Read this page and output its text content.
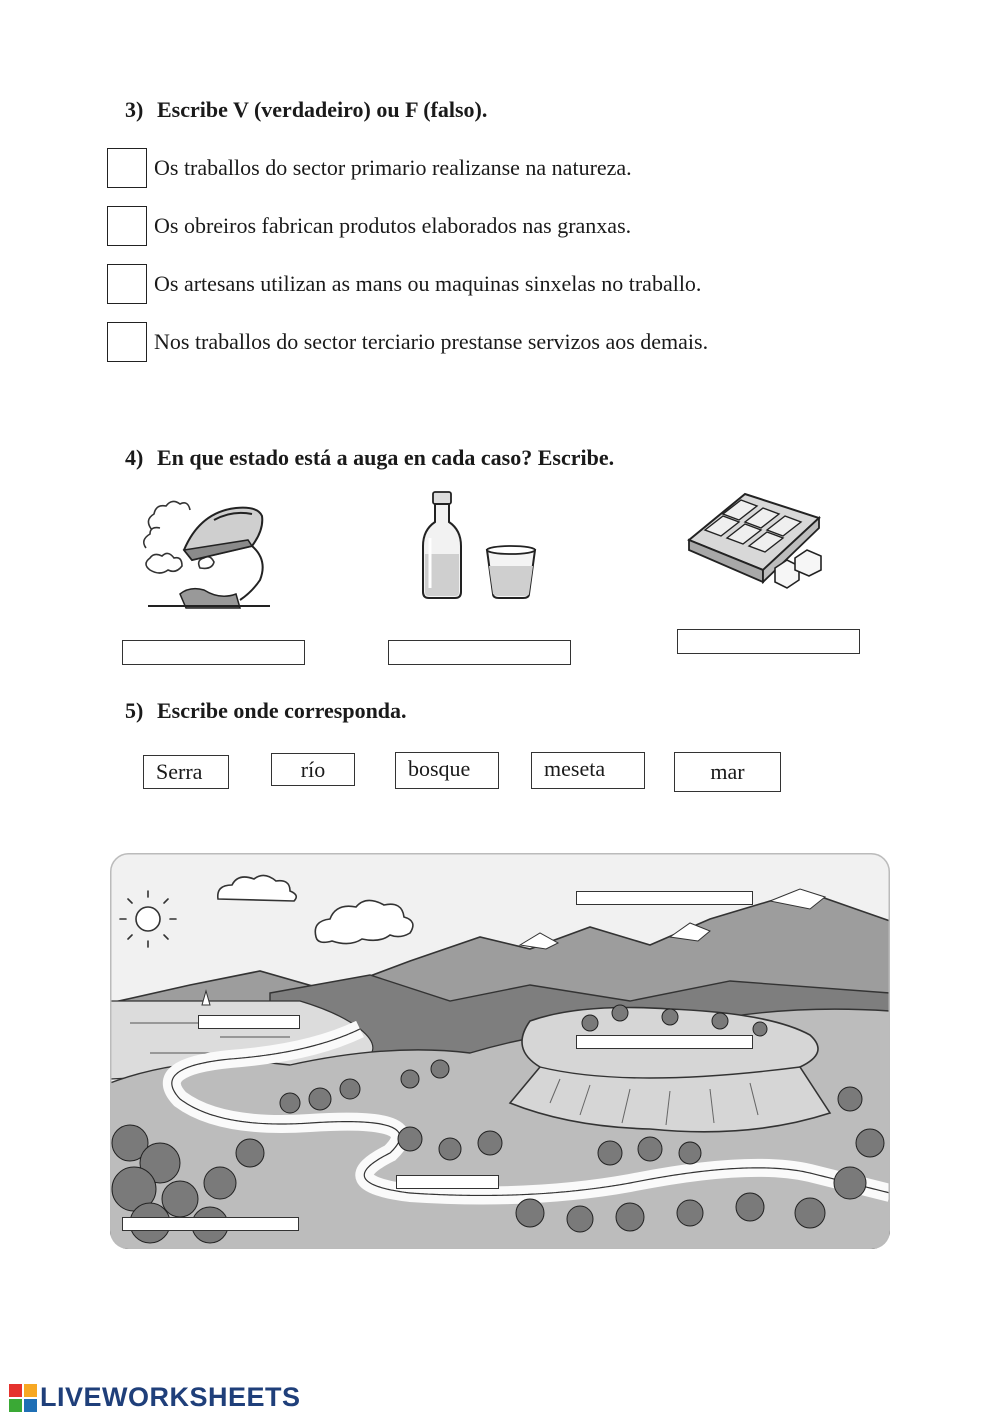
3) Escribe V (verdadeiro) ou F (falso).
Os traballos do sector primario realizanse na natureza.
Os obreiros fabrican produtos elaborados nas granxas.
Os artesans utilizan as mans ou maquinas sinxelas no traballo.
Nos traballos do sector terciario prestanse servizos aos demais.
4) En que estado está a auga en cada caso? Escribe.
5) Escribe onde corresponda.
Serra	río	bosque	meseta	mar
LIVEWORKSHEETS
